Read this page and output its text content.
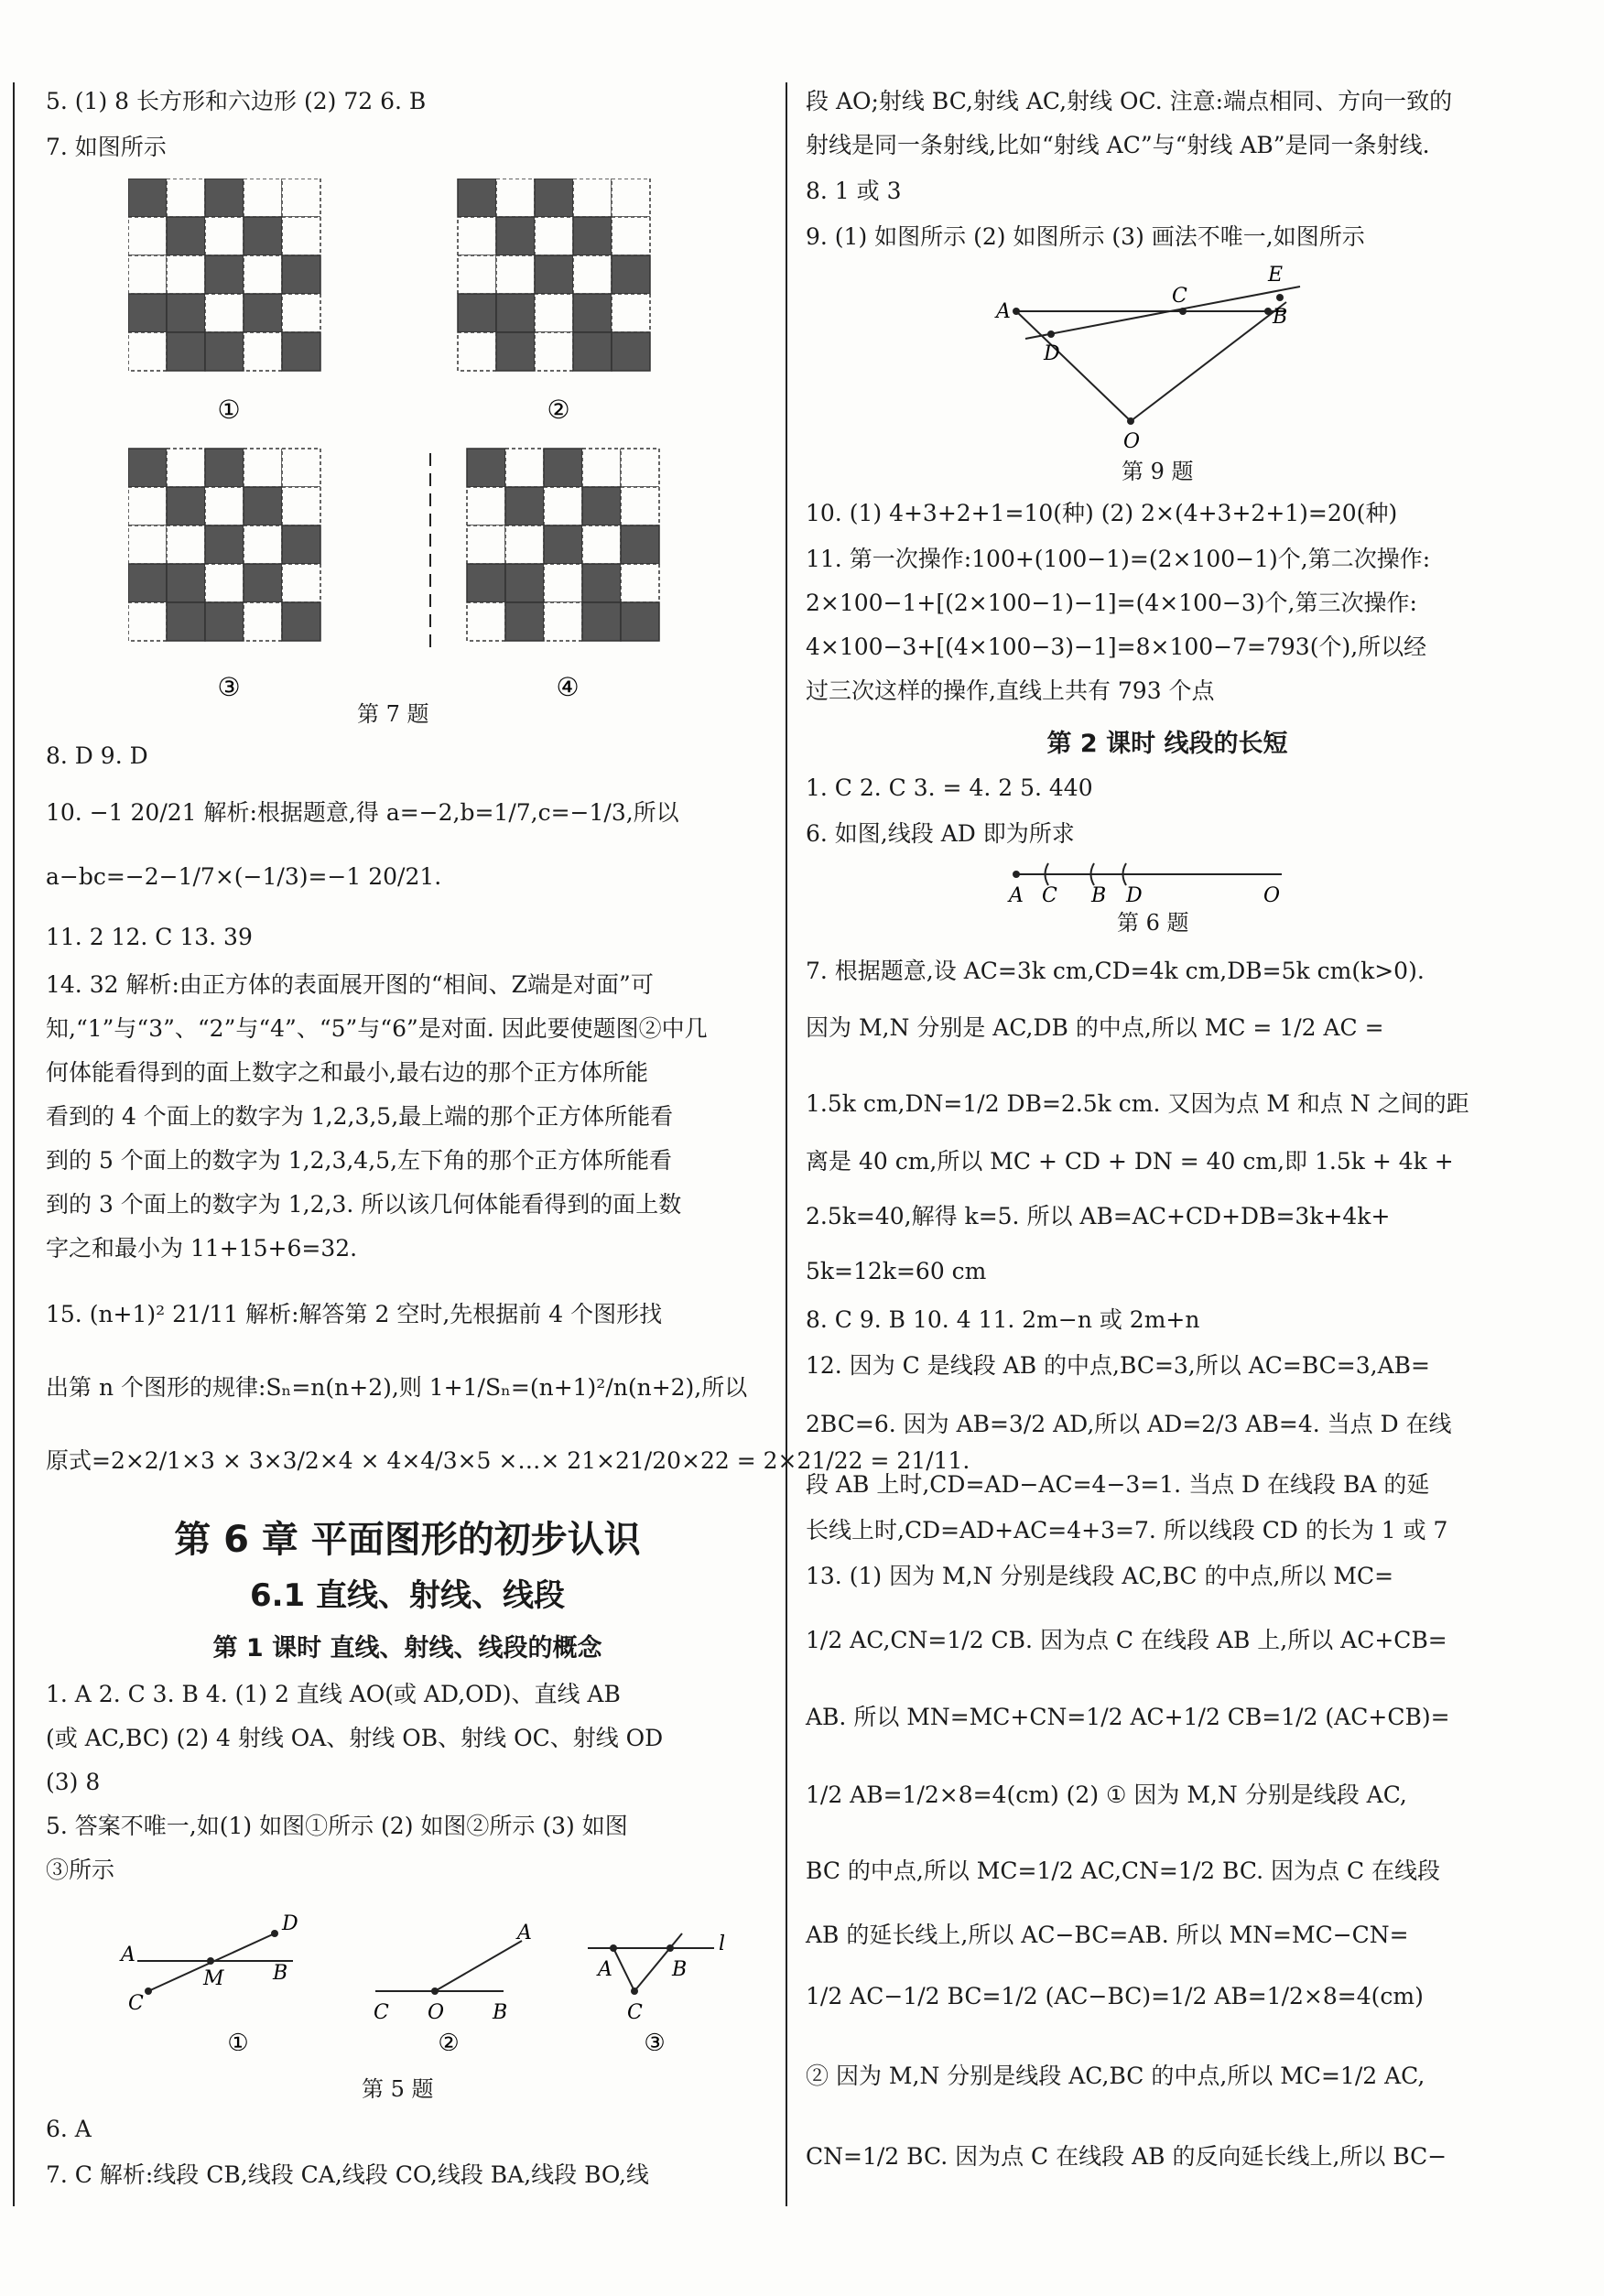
5. (1) 8 长方形和六边形 (2) 72 6. B
7. 如图所示
①	②
③	④
第 7 题
8. D 9. D
10. −1 20/21 解析:根据题意,得 a=−2,b=1/7,c=−1/3,所以
a−bc=−2−1/7×(−1/3)=−1 20/21.
11. 2 12. C 13. 39
14. 32 解析:由正方体的表面展开图的“相间、Z端是对面”可
知,“1”与“3”、“2”与“4”、“5”与“6”是对面. 因此要使题图②中几
何体能看得到的面上数字之和最小,最右边的那个正方体所能
看到的 4 个面上的数字为 1,2,3,5,最上端的那个正方体所能看
到的 5 个面上的数字为 1,2,3,4,5,左下角的那个正方体所能看
到的 3 个面上的数字为 1,2,3. 所以该几何体能看得到的面上数
字之和最小为 11+15+6=32.
15. (n+1)² 21/11 解析:解答第 2 空时,先根据前 4 个图形找
出第 n 个图形的规律:Sₙ=n(n+2),则 1+1/Sₙ=(n+1)²/n(n+2),所以
原式=2×2/1×3 × 3×3/2×4 × 4×4/3×5 ×…× 21×21/20×22 = 2×21/22 = 21/11.
第 6 章 平面图形的初步认识
6.1 直线、射线、线段
第 1 课时 直线、射线、线段的概念
1. A 2. C 3. B 4. (1) 2 直线 AO(或 AD,OD)、直线 AB
(或 AC,BC) (2) 4 射线 OA、射线 OB、射线 OC、射线 OD
(3) 8
5. 答案不唯一,如(1) 如图①所示 (2) 如图②所示 (3) 如图
③所示
A
M B
C
D
C O B
A
A	B
C
l
①	②	③
第 5 题
6. A
7. C 解析:线段 CB,线段 CA,线段 CO,线段 BA,线段 BO,线
段 AO;射线 BC,射线 AC,射线 OC. 注意:端点相同、方向一致的
射线是同一条射线,比如“射线 AC”与“射线 AB”是同一条射线.
8. 1 或 3
9. (1) 如图所示 (2) 如图所示 (3) 画法不唯一,如图所示
A
C
E
B
D
O
第 9 题
10. (1) 4+3+2+1=10(种) (2) 2×(4+3+2+1)=20(种)
11. 第一次操作:100+(100−1)=(2×100−1)个,第二次操作:
2×100−1+[(2×100−1)−1]=(4×100−3)个,第三次操作:
4×100−3+[(4×100−3)−1]=8×100−7=793(个),所以经
过三次这样的操作,直线上共有 793 个点
第 2 课时 线段的长短
1. C 2. C 3. = 4. 2 5. 440
6. 如图,线段 AD 即为所求
A C B D	O
第 6 题
7. 根据题意,设 AC=3k cm,CD=4k cm,DB=5k cm(k>0).
因为 M,N 分别是 AC,DB 的中点,所以 MC = 1/2 AC =
1.5k cm,DN=1/2 DB=2.5k cm. 又因为点 M 和点 N 之间的距
离是 40 cm,所以 MC + CD + DN = 40 cm,即 1.5k + 4k +
2.5k=40,解得 k=5. 所以 AB=AC+CD+DB=3k+4k+
5k=12k=60 cm
8. C 9. B 10. 4 11. 2m−n 或 2m+n
12. 因为 C 是线段 AB 的中点,BC=3,所以 AC=BC=3,AB=
2BC=6. 因为 AB=3/2 AD,所以 AD=2/3 AB=4. 当点 D 在线
段 AB 上时,CD=AD−AC=4−3=1. 当点 D 在线段 BA 的延
长线上时,CD=AD+AC=4+3=7. 所以线段 CD 的长为 1 或 7
13. (1) 因为 M,N 分别是线段 AC,BC 的中点,所以 MC=
1/2 AC,CN=1/2 CB. 因为点 C 在线段 AB 上,所以 AC+CB=
AB. 所以 MN=MC+CN=1/2 AC+1/2 CB=1/2 (AC+CB)=
1/2 AB=1/2×8=4(cm) (2) ① 因为 M,N 分别是线段 AC,
BC 的中点,所以 MC=1/2 AC,CN=1/2 BC. 因为点 C 在线段
AB 的延长线上,所以 AC−BC=AB. 所以 MN=MC−CN=
1/2 AC−1/2 BC=1/2 (AC−BC)=1/2 AB=1/2×8=4(cm)
② 因为 M,N 分别是线段 AC,BC 的中点,所以 MC=1/2 AC,
CN=1/2 BC. 因为点 C 在线段 AB 的反向延长线上,所以 BC−
